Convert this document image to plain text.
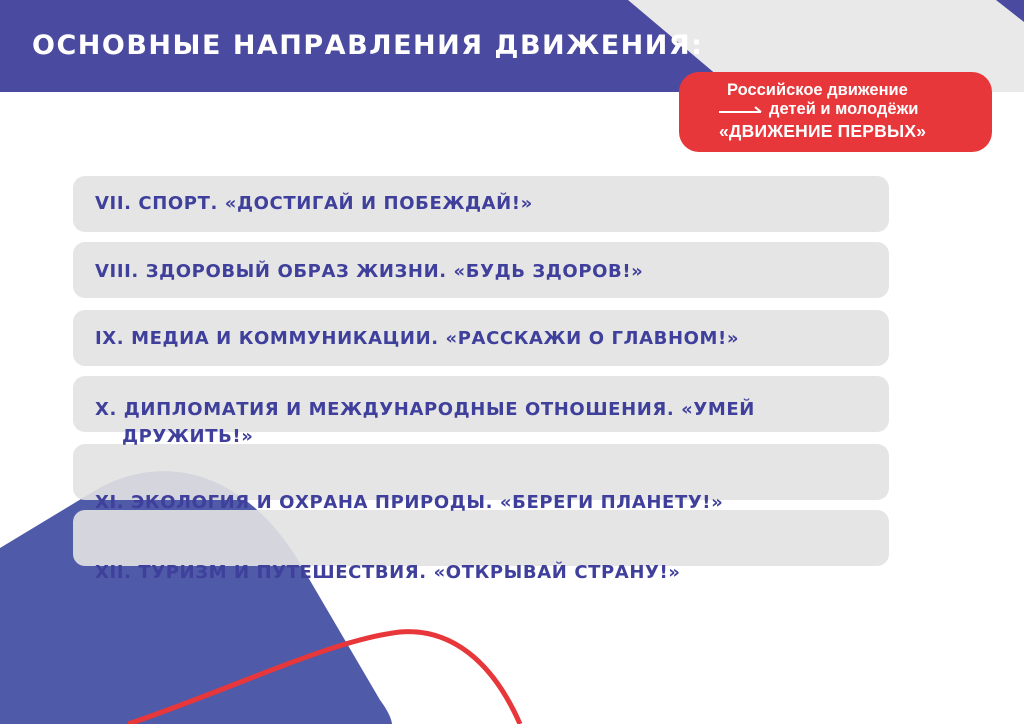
ОСНОВНЫЕ НАПРАВЛЕНИЯ ДВИЖЕНИЯ:
Российское движение
детей и молодёжи
«ДВИЖЕНИЕ ПЕРВЫХ»
VII. СПОРТ. «ДОСТИГАЙ И ПОБЕЖДАЙ!»
VIII. ЗДОРОВЫЙ ОБРАЗ ЖИЗНИ. «БУДЬ ЗДОРОВ!»
IX. МЕДИА И КОММУНИКАЦИИ. «РАССКАЖИ О ГЛАВНОМ!»
X. ДИПЛОМАТИЯ И МЕЖДУНАРОДНЫЕ ОТНОШЕНИЯ. «УМЕЙ
ДРУЖИТЬ!»
XI. ЭКОЛОГИЯ И ОХРАНА ПРИРОДЫ. «БЕРЕГИ ПЛАНЕТУ!»
XII. ТУРИЗМ И ПУТЕШЕСТВИЯ. «ОТКРЫВАЙ СТРАНУ!»
